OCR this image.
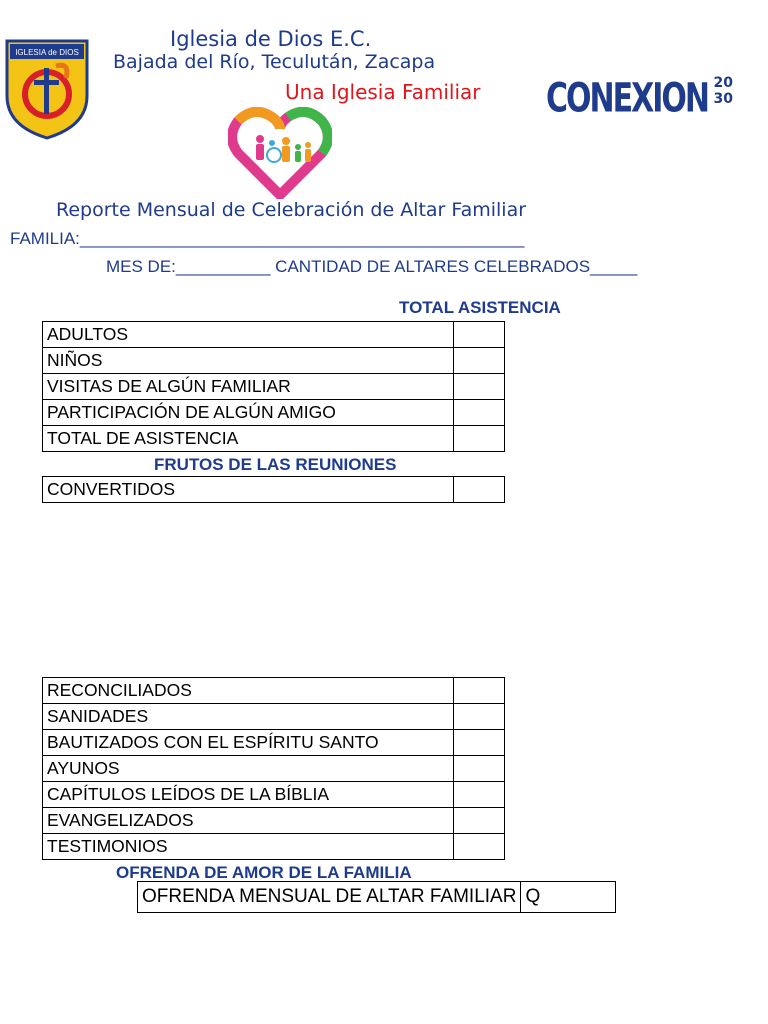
IGLESIA de DIOS
Iglesia de Dios E.C.
Bajada del Río, Teculután, Zacapa
Una Iglesia Familiar CONEXION 20
30
Reporte Mensual de Celebración de Altar Familiar
FAMILIA:_______________________________________________
MES DE:__________ CANTIDAD DE ALTARES CELEBRADOS_____
TOTAL ASISTENCIA
ADULTOS	
NIÑOS	
VISITAS DE ALGÚN FAMILIAR	
PARTICIPACIÓN DE ALGÚN AMIGO	
TOTAL DE ASISTENCIA	
FRUTOS DE LAS REUNIONES
CONVERTIDOS	
RECONCILIADOS	
SANIDADES	
BAUTIZADOS CON EL ESPÍRITU SANTO	
AYUNOS	
CAPÍTULOS LEÍDOS DE LA BÍBLIA	
EVANGELIZADOS	
TESTIMONIOS	
OFRENDA DE AMOR DE LA FAMILIA
OFRENDA MENSUAL DE ALTAR FAMILIAR	Q
